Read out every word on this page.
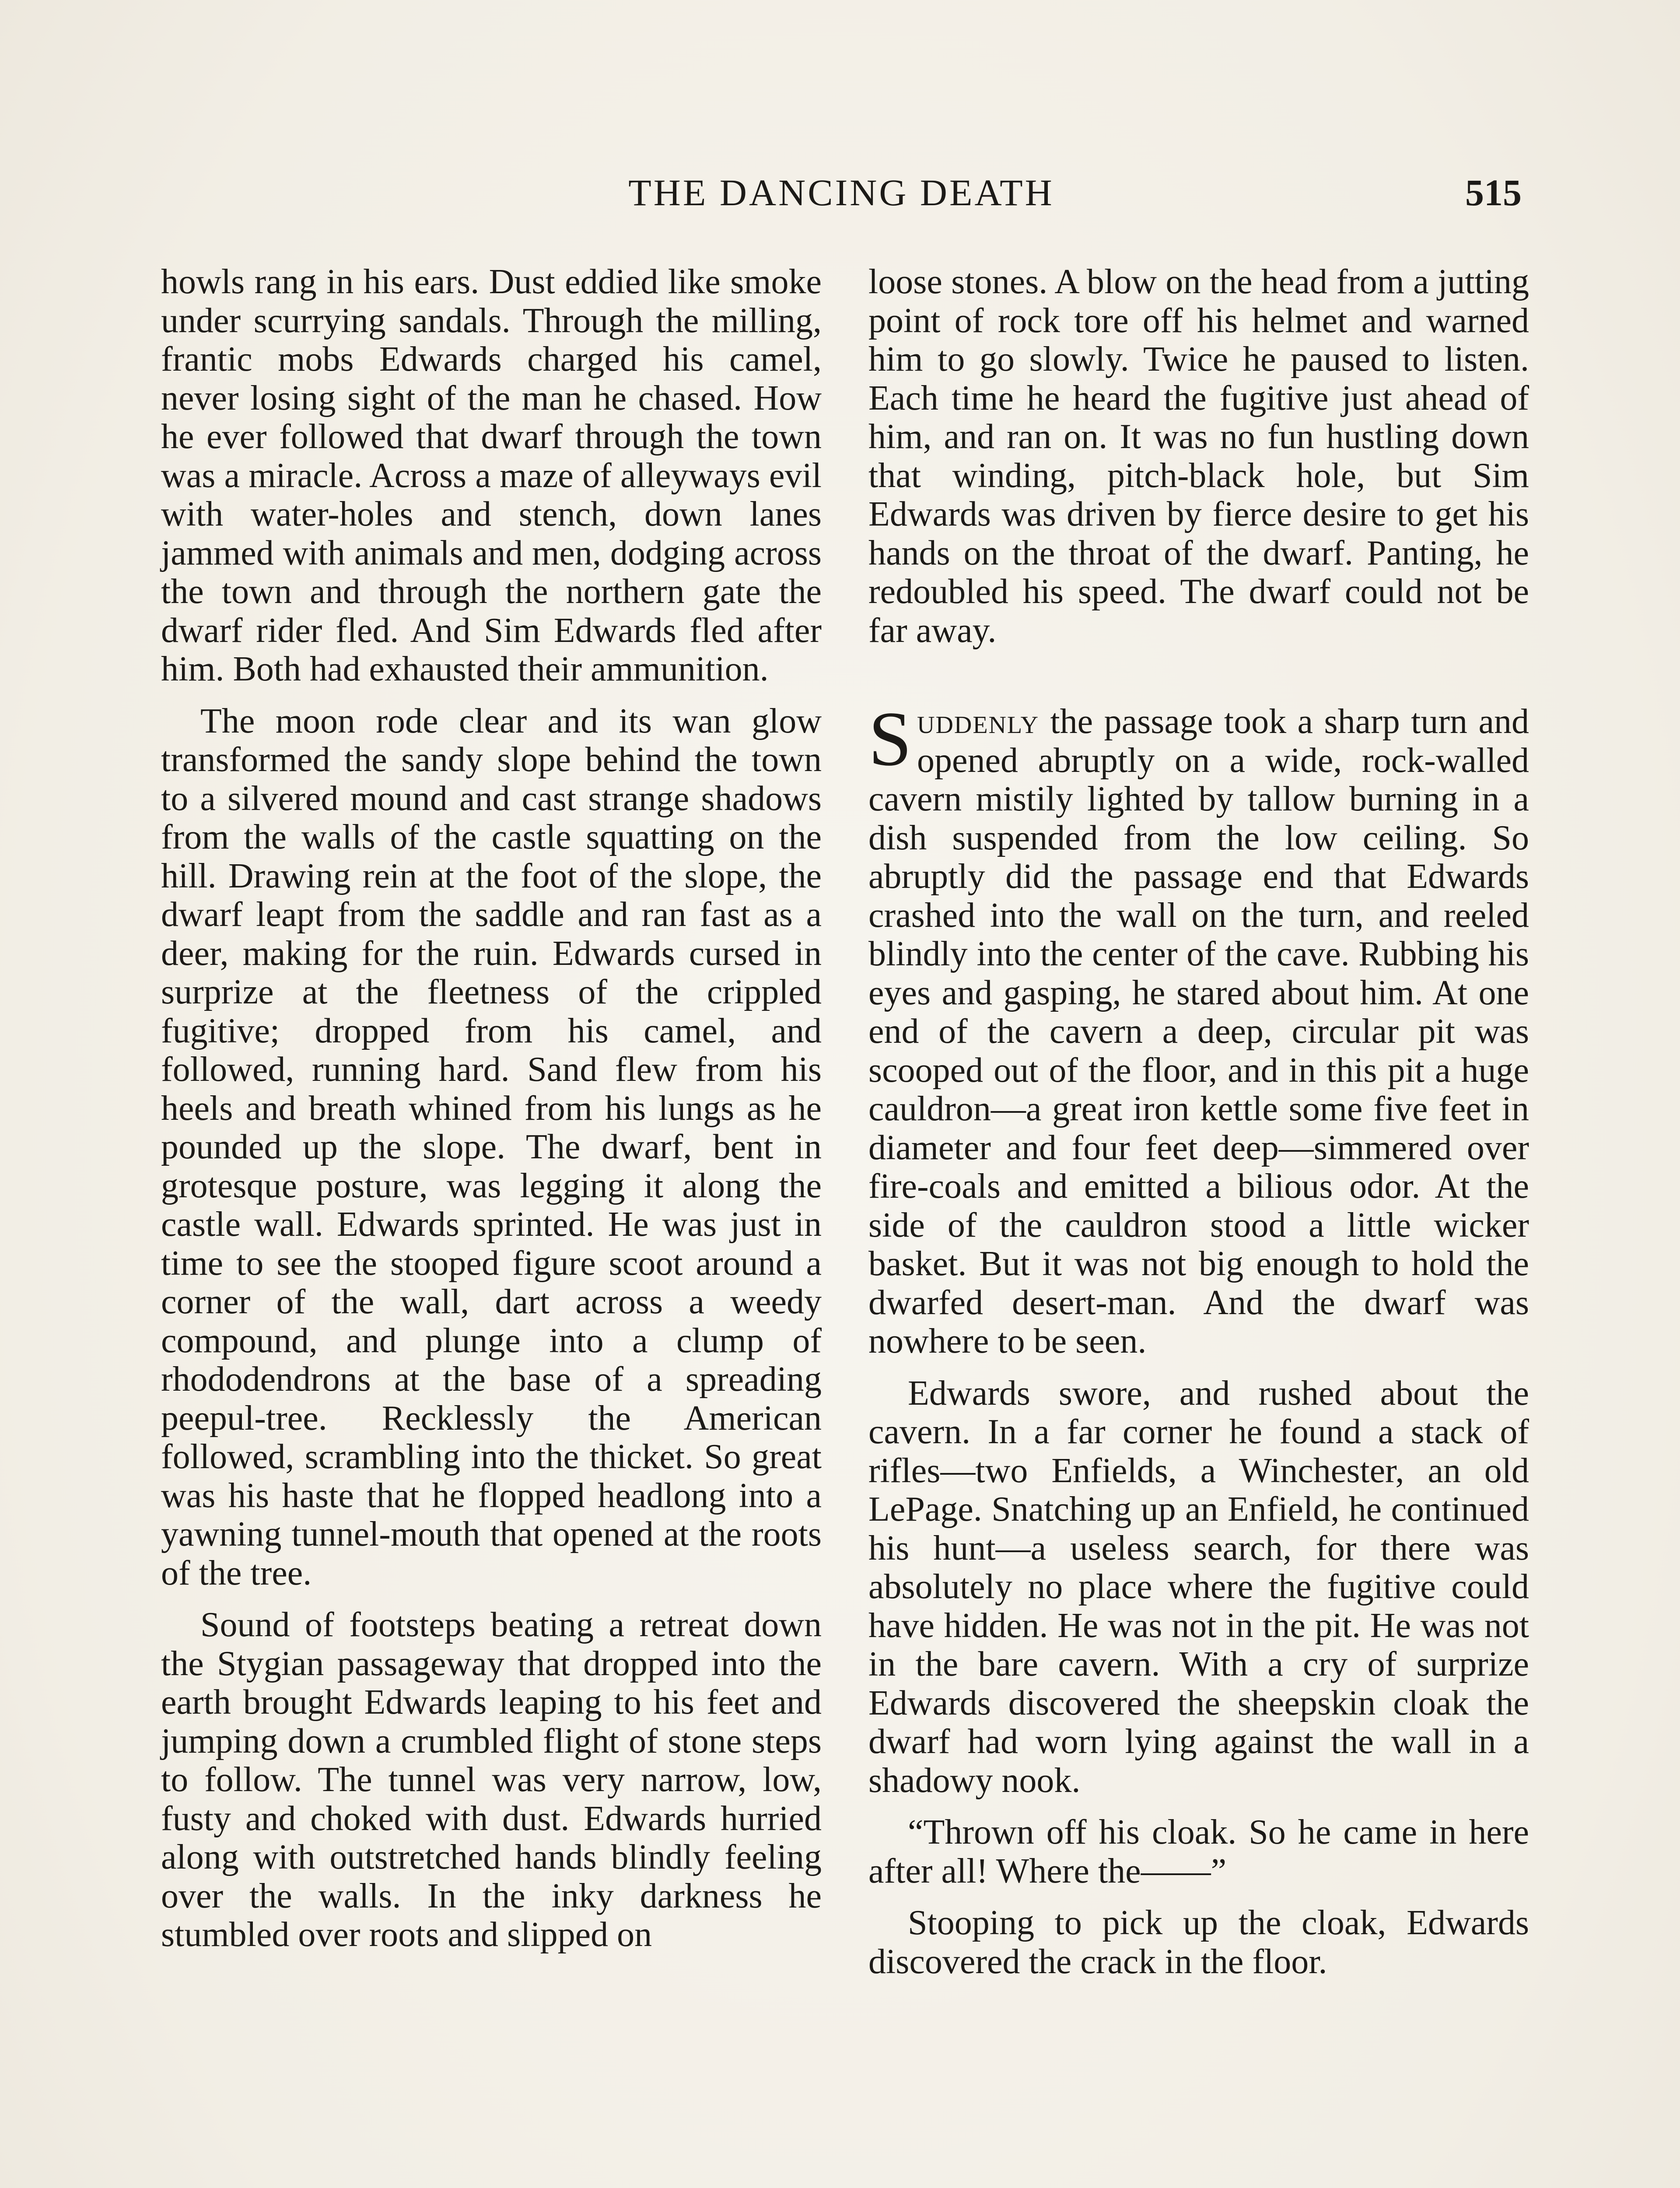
THE DANCING DEATH	515

howls rang in his ears. Dust eddied like smoke under scurrying sandals. Through the milling, frantic mobs Edwards charged his camel, never losing sight of the man he chased. How he ever followed that dwarf through the town was a miracle. Across a maze of alleyways evil with water-holes and stench, down lanes jammed with animals and men, dodging across the town and through the northern gate the dwarf rider fled. And Sim Edwards fled after him. Both had exhausted their ammunition.

The moon rode clear and its wan glow transformed the sandy slope behind the town to a silvered mound and cast strange shadows from the walls of the castle squatting on the hill. Drawing rein at the foot of the slope, the dwarf leapt from the saddle and ran fast as a deer, making for the ruin. Edwards cursed in surprize at the fleetness of the crippled fugitive; dropped from his camel, and followed, running hard. Sand flew from his heels and breath whined from his lungs as he pounded up the slope. The dwarf, bent in grotesque posture, was legging it along the castle wall. Edwards sprinted. He was just in time to see the stooped figure scoot around a corner of the wall, dart across a weedy compound, and plunge into a clump of rhododendrons at the base of a spreading peepul-tree. Recklessly the American followed, scrambling into the thicket. So great was his haste that he flopped headlong into a yawning tunnel-mouth that opened at the roots of the tree.

Sound of footsteps beating a retreat down the Stygian passageway that dropped into the earth brought Edwards leaping to his feet and jumping down a crumbled flight of stone steps to follow. The tunnel was very narrow, low, fusty and choked with dust. Edwards hurried along with outstretched hands blindly feeling over the walls. In the inky darkness he stumbled over roots and slipped on

loose stones. A blow on the head from a jutting point of rock tore off his helmet and warned him to go slowly. Twice he paused to listen. Each time he heard the fugitive just ahead of him, and ran on. It was no fun hustling down that winding, pitch-black hole, but Sim Edwards was driven by fierce desire to get his hands on the throat of the dwarf. Panting, he redoubled his speed. The dwarf could not be far away.

Suddenly the passage took a sharp turn and opened abruptly on a wide, rock-walled cavern mistily lighted by tallow burning in a dish suspended from the low ceiling. So abruptly did the passage end that Edwards crashed into the wall on the turn, and reeled blindly into the center of the cave. Rubbing his eyes and gasping, he stared about him. At one end of the cavern a deep, circular pit was scooped out of the floor, and in this pit a huge cauldron—a great iron kettle some five feet in diameter and four feet deep—simmered over fire-coals and emitted a bilious odor. At the side of the cauldron stood a little wicker basket. But it was not big enough to hold the dwarfed desert-man. And the dwarf was nowhere to be seen.

Edwards swore, and rushed about the cavern. In a far corner he found a stack of rifles—two Enfields, a Winchester, an old LePage. Snatching up an Enfield, he continued his hunt—a useless search, for there was absolutely no place where the fugitive could have hidden. He was not in the pit. He was not in the bare cavern. With a cry of surprize Edwards discovered the sheepskin cloak the dwarf had worn lying against the wall in a shadowy nook.

“Thrown off his cloak. So he came in here after all! Where the——”

Stooping to pick up the cloak, Edwards discovered the crack in the floor.
